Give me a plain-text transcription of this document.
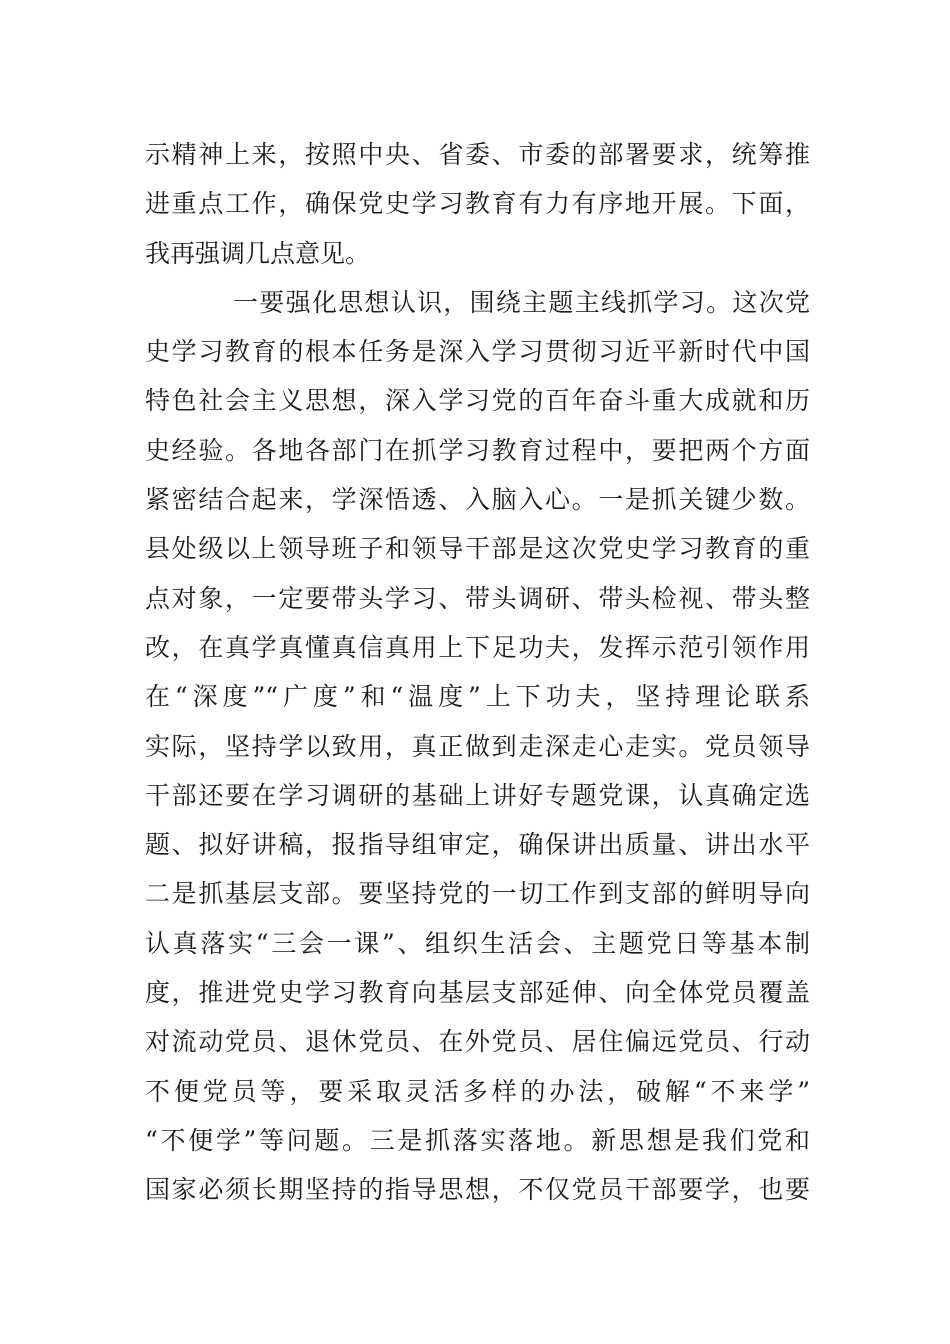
示精神上来，按照中央、省委、市委的部署要求，统筹推
进重点工作，确保党史学习教育有力有序地开展。下面，
我再强调几点意见。
一要强化思想认识，围绕主题主线抓学习。这次党
史学习教育的根本任务是深入学习贯彻习近平新时代中国
特色社会主义思想，深入学习党的百年奋斗重大成就和历
史经验。各地各部门在抓学习教育过程中，要把两个方面
紧密结合起来，学深悟透、入脑入心。一是抓关键少数。
县处级以上领导班子和领导干部是这次党史学习教育的重
点对象，一定要带头学习、带头调研、带头检视、带头整
改，在真学真懂真信真用上下足功夫，发挥示范引领作用
在“深度”“广度”和“温度”上下功夫，坚持理论联系
实际，坚持学以致用，真正做到走深走心走实。党员领导
干部还要在学习调研的基础上讲好专题党课，认真确定选
题、拟好讲稿，报指导组审定，确保讲出质量、讲出水平
二是抓基层支部。要坚持党的一切工作到支部的鲜明导向
认真落实“三会一课”、组织生活会、主题党日等基本制
度，推进党史学习教育向基层支部延伸、向全体党员覆盖
对流动党员、退休党员、在外党员、居住偏远党员、行动
不便党员等，要采取灵活多样的办法，破解“不来学”
“不便学”等问题。三是抓落实落地。新思想是我们党和
国家必须长期坚持的指导思想，不仅党员干部要学，也要
